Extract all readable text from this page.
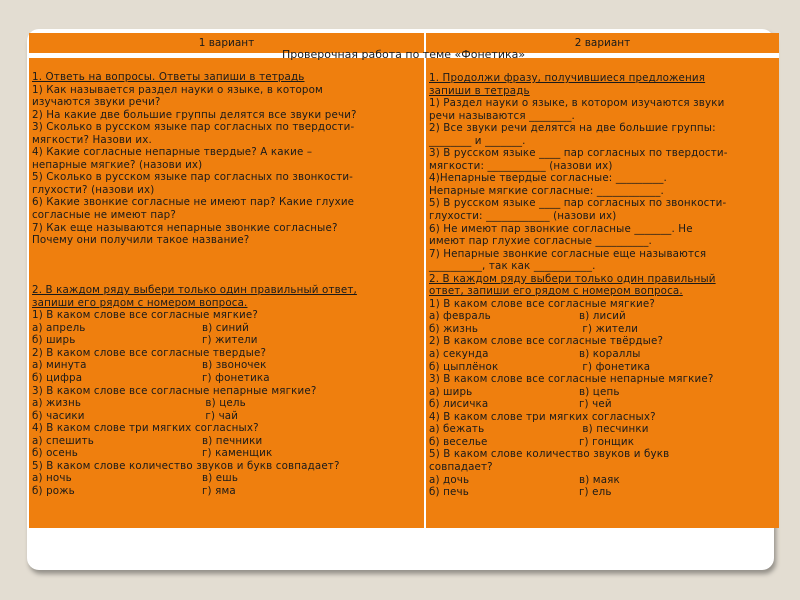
1 вариант	2 вариант
1. Ответь на вопросы. Ответы запиши в тетрадь
1) Как называется раздел науки о языке, в котором
изучаются звуки речи?
2) На какие две большие группы делятся все звуки речи?
3) Сколько в русском языке пар согласных по твердости-
мягкости? Назови их.
4) Какие согласные непарные твердые? А какие –
непарные мягкие? (назови их)
5) Сколько в русском языке пар согласных по звонкости-
глухости? (назови их)
6) Какие звонкие согласные не имеют пар? Какие глухие
согласные не имеют пар?
7) Как еще называются непарные звонкие согласные?
Почему они получили такое название?
2. В каждом ряду выбери только один правильный ответ,
запиши его рядом с номером вопроса.
1) В каком слове все согласные мягкие?
а) апрель	в) синий
б) ширь	г) жители
2) В каком слове все согласные твердые?
а) минута	в) звоночек
б) цифра	г) фонетика
3) В каком слове все согласные непарные мягкие?
а) жизнь	в) цель
б) часики	г) чай
4) В каком слове три мягких согласных?
а) спешить	в) печники
б) осень	г) каменщик
5) В каком слове количество звуков и букв совпадает?
а) ночь	в) ешь
б) рожь	г) яма
1. Продолжи фразу, получившиеся предложения
запиши в тетрадь
1) Раздел науки о языке, в котором изучаются звуки
речи называются ________.
2) Все звуки речи делятся на две большие группы:
________ и _______.
3) В русском языке ____ пар согласных по твердости-
мягкости: ___________ (назови их)
4)Непарные твердые согласные: _________.
Непарные мягкие согласные: ____________.
5) В русском языке ____ пар согласных по звонкости-
глухости: ____________ (назови их)
6) Не имеют пар звонкие согласные _______. Не
имеют пар глухие согласные __________.
7) Непарные звонкие согласные еще называются
__________, так как ___________.
2. В каждом ряду выбери только один правильный
ответ, запиши его рядом с номером вопроса.
1) В каком слове все согласные мягкие?
а) февраль	в) лисий
б) жизнь	г) жители
2) В каком слове все согласные твёрдые?
а) секунда	в) кораллы
б) цыплёнок	г) фонетика
3) В каком слове все согласные непарные мягкие?
а) ширь	в) цепь
б) лисичка	г) чей
4) В каком слове три мягких согласных?
а) бежать	в) песчинки
б) веселье	г) гонщик
5) В каком слове количество звуков и букв
совпадает?
а) дочь	в) маяк
б) печь	г) ель
Проверочная работа по теме «Фонетика»
